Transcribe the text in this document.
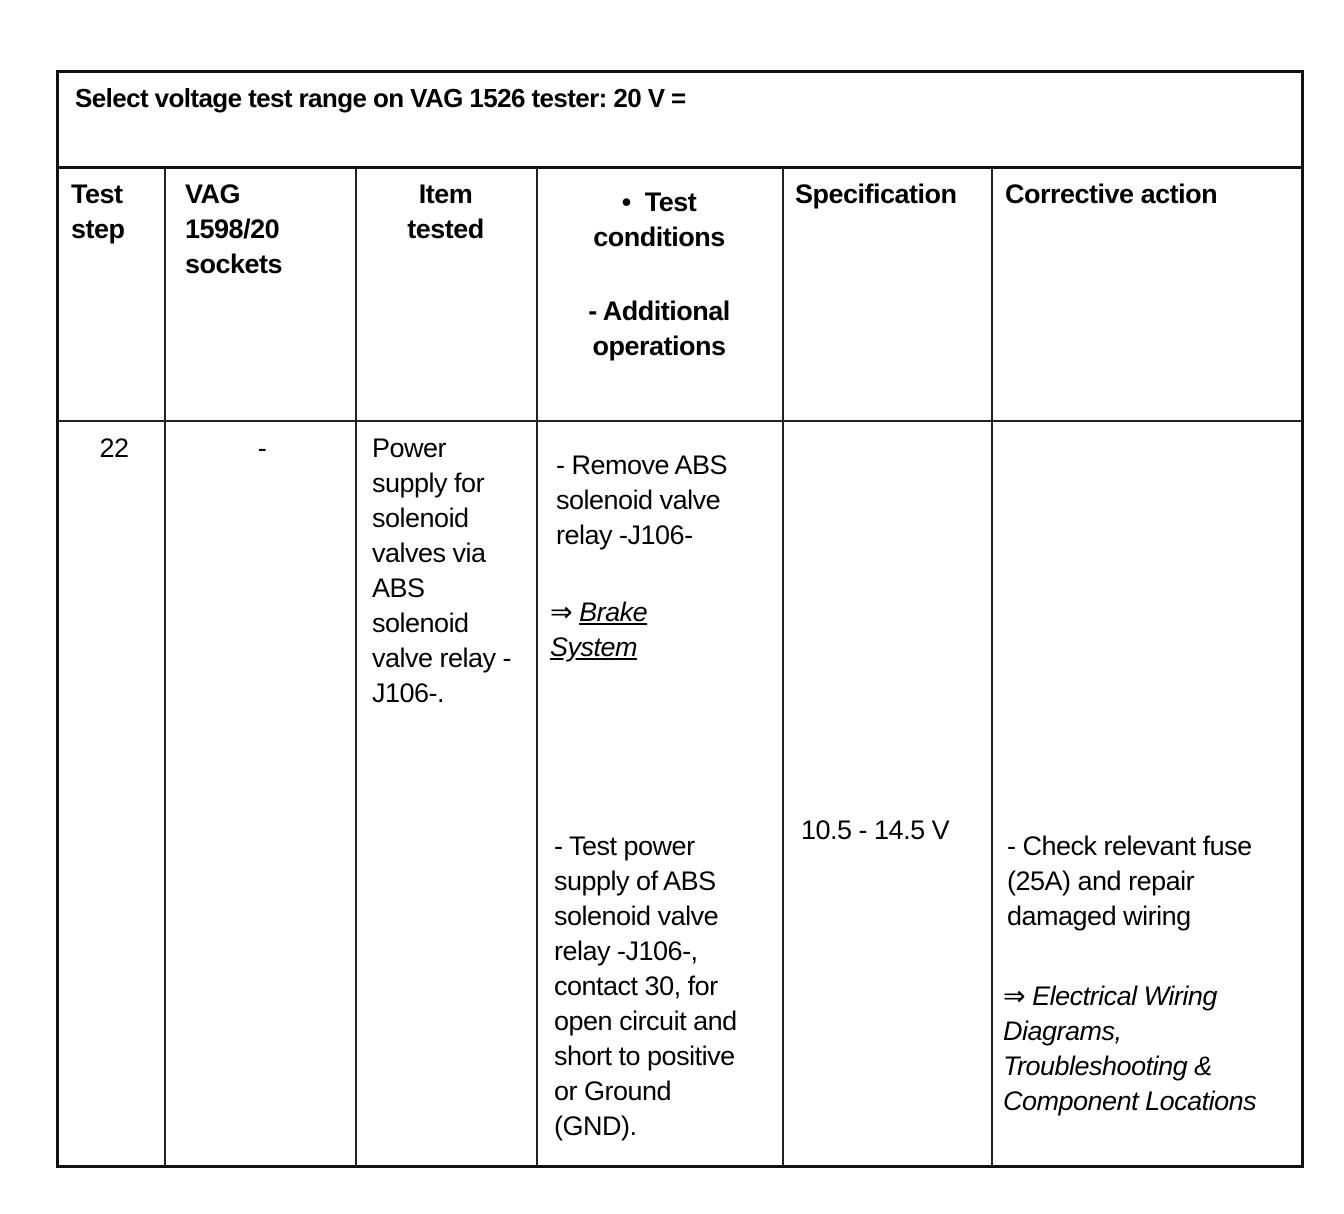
Select voltage test range on VAG 1526 tester: 20 V =
Test
step
VAG
1598/20
sockets
Item
tested
• Test
conditions
- Additional
operations
Specification Corrective action
22	-	Power
supply for
solenoid
valves via
ABS
solenoid
valve relay -
J106-.
- Remove ABS
solenoid valve
relay -J106-
⇒ Brake
System
- Test power
supply of ABS
solenoid valve
relay -J106-,
contact 30, for
open circuit and
short to positive
or Ground
(GND).
10.5 - 14.5 V
- Check relevant fuse
(25A) and repair
damaged wiring
⇒ Electrical Wiring
Diagrams,
Troubleshooting &
Component Locations
